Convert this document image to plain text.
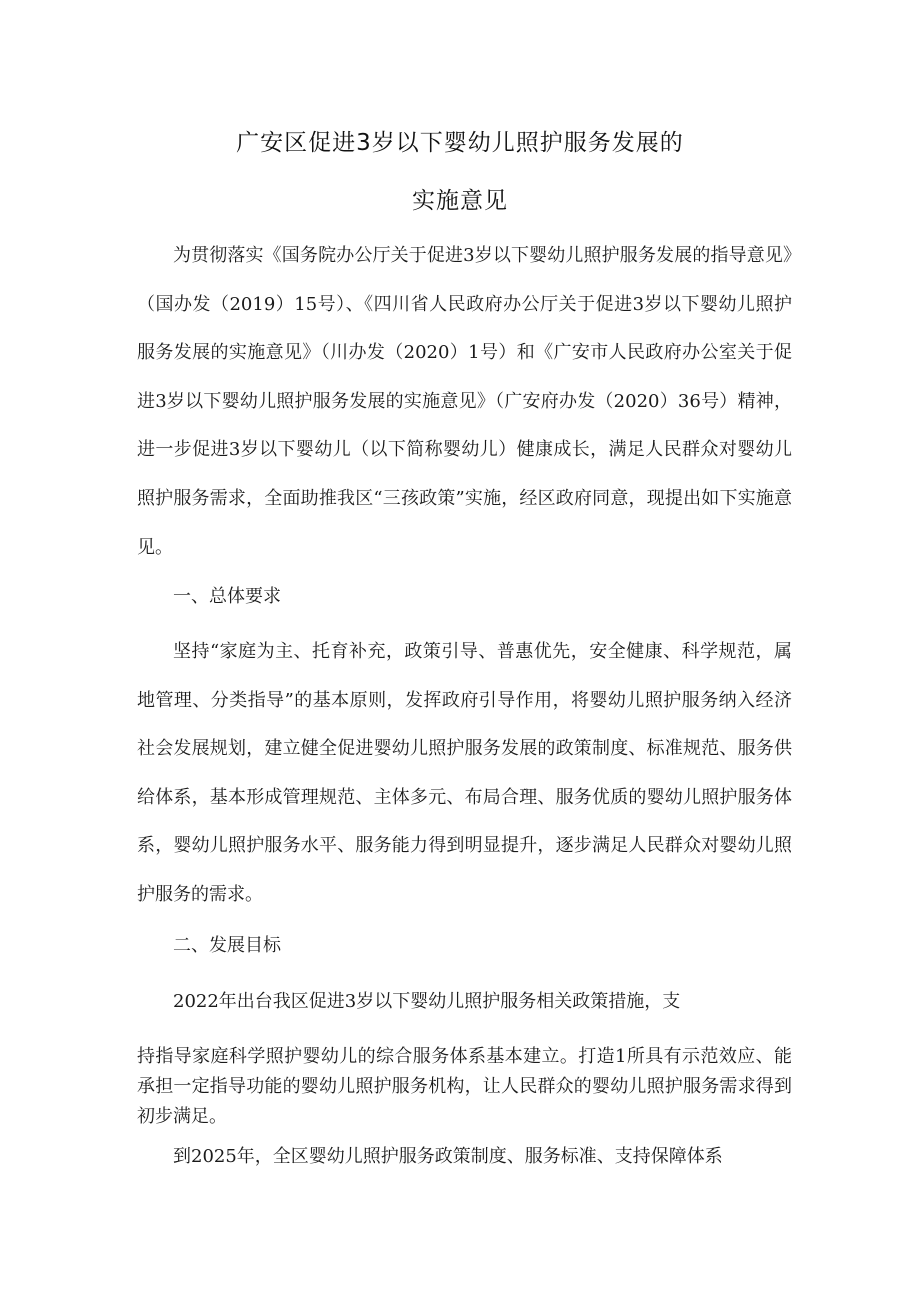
广安区促进3岁以下婴幼儿照护服务发展的
实施意见

为贯彻落实《国务院办公厅关于促进3岁以下婴幼儿照护服务发展的指导意见》（国办发（2019）15号）、《四川省人民政府办公厅关于促进3岁以下婴幼儿照护服务发展的实施意见》（川办发（2020）1号）和《广安市人民政府办公室关于促进3岁以下婴幼儿照护服务发展的实施意见》（广安府办发（2020）36号）精神，进一步促进3岁以下婴幼儿（以下简称婴幼儿）健康成长，满足人民群众对婴幼儿照护服务需求，全面助推我区“三孩政策”实施，经区政府同意，现提出如下实施意见。

一、总体要求

坚持“家庭为主、托育补充，政策引导、普惠优先，安全健康、科学规范，属地管理、分类指导”的基本原则，发挥政府引导作用，将婴幼儿照护服务纳入经济社会发展规划，建立健全促进婴幼儿照护服务发展的政策制度、标准规范、服务供给体系，基本形成管理规范、主体多元、布局合理、服务优质的婴幼儿照护服务体系，婴幼儿照护服务水平、服务能力得到明显提升，逐步满足人民群众对婴幼儿照护服务的需求。

二、发展目标

2022年出台我区促进3岁以下婴幼儿照护服务相关政策措施，支

持指导家庭科学照护婴幼儿的综合服务体系基本建立。打造1所具有示范效应、能承担一定指导功能的婴幼儿照护服务机构，让人民群众的婴幼儿照护服务需求得到初步满足。

到2025年，全区婴幼儿照护服务政策制度、服务标准、支持保障体系
